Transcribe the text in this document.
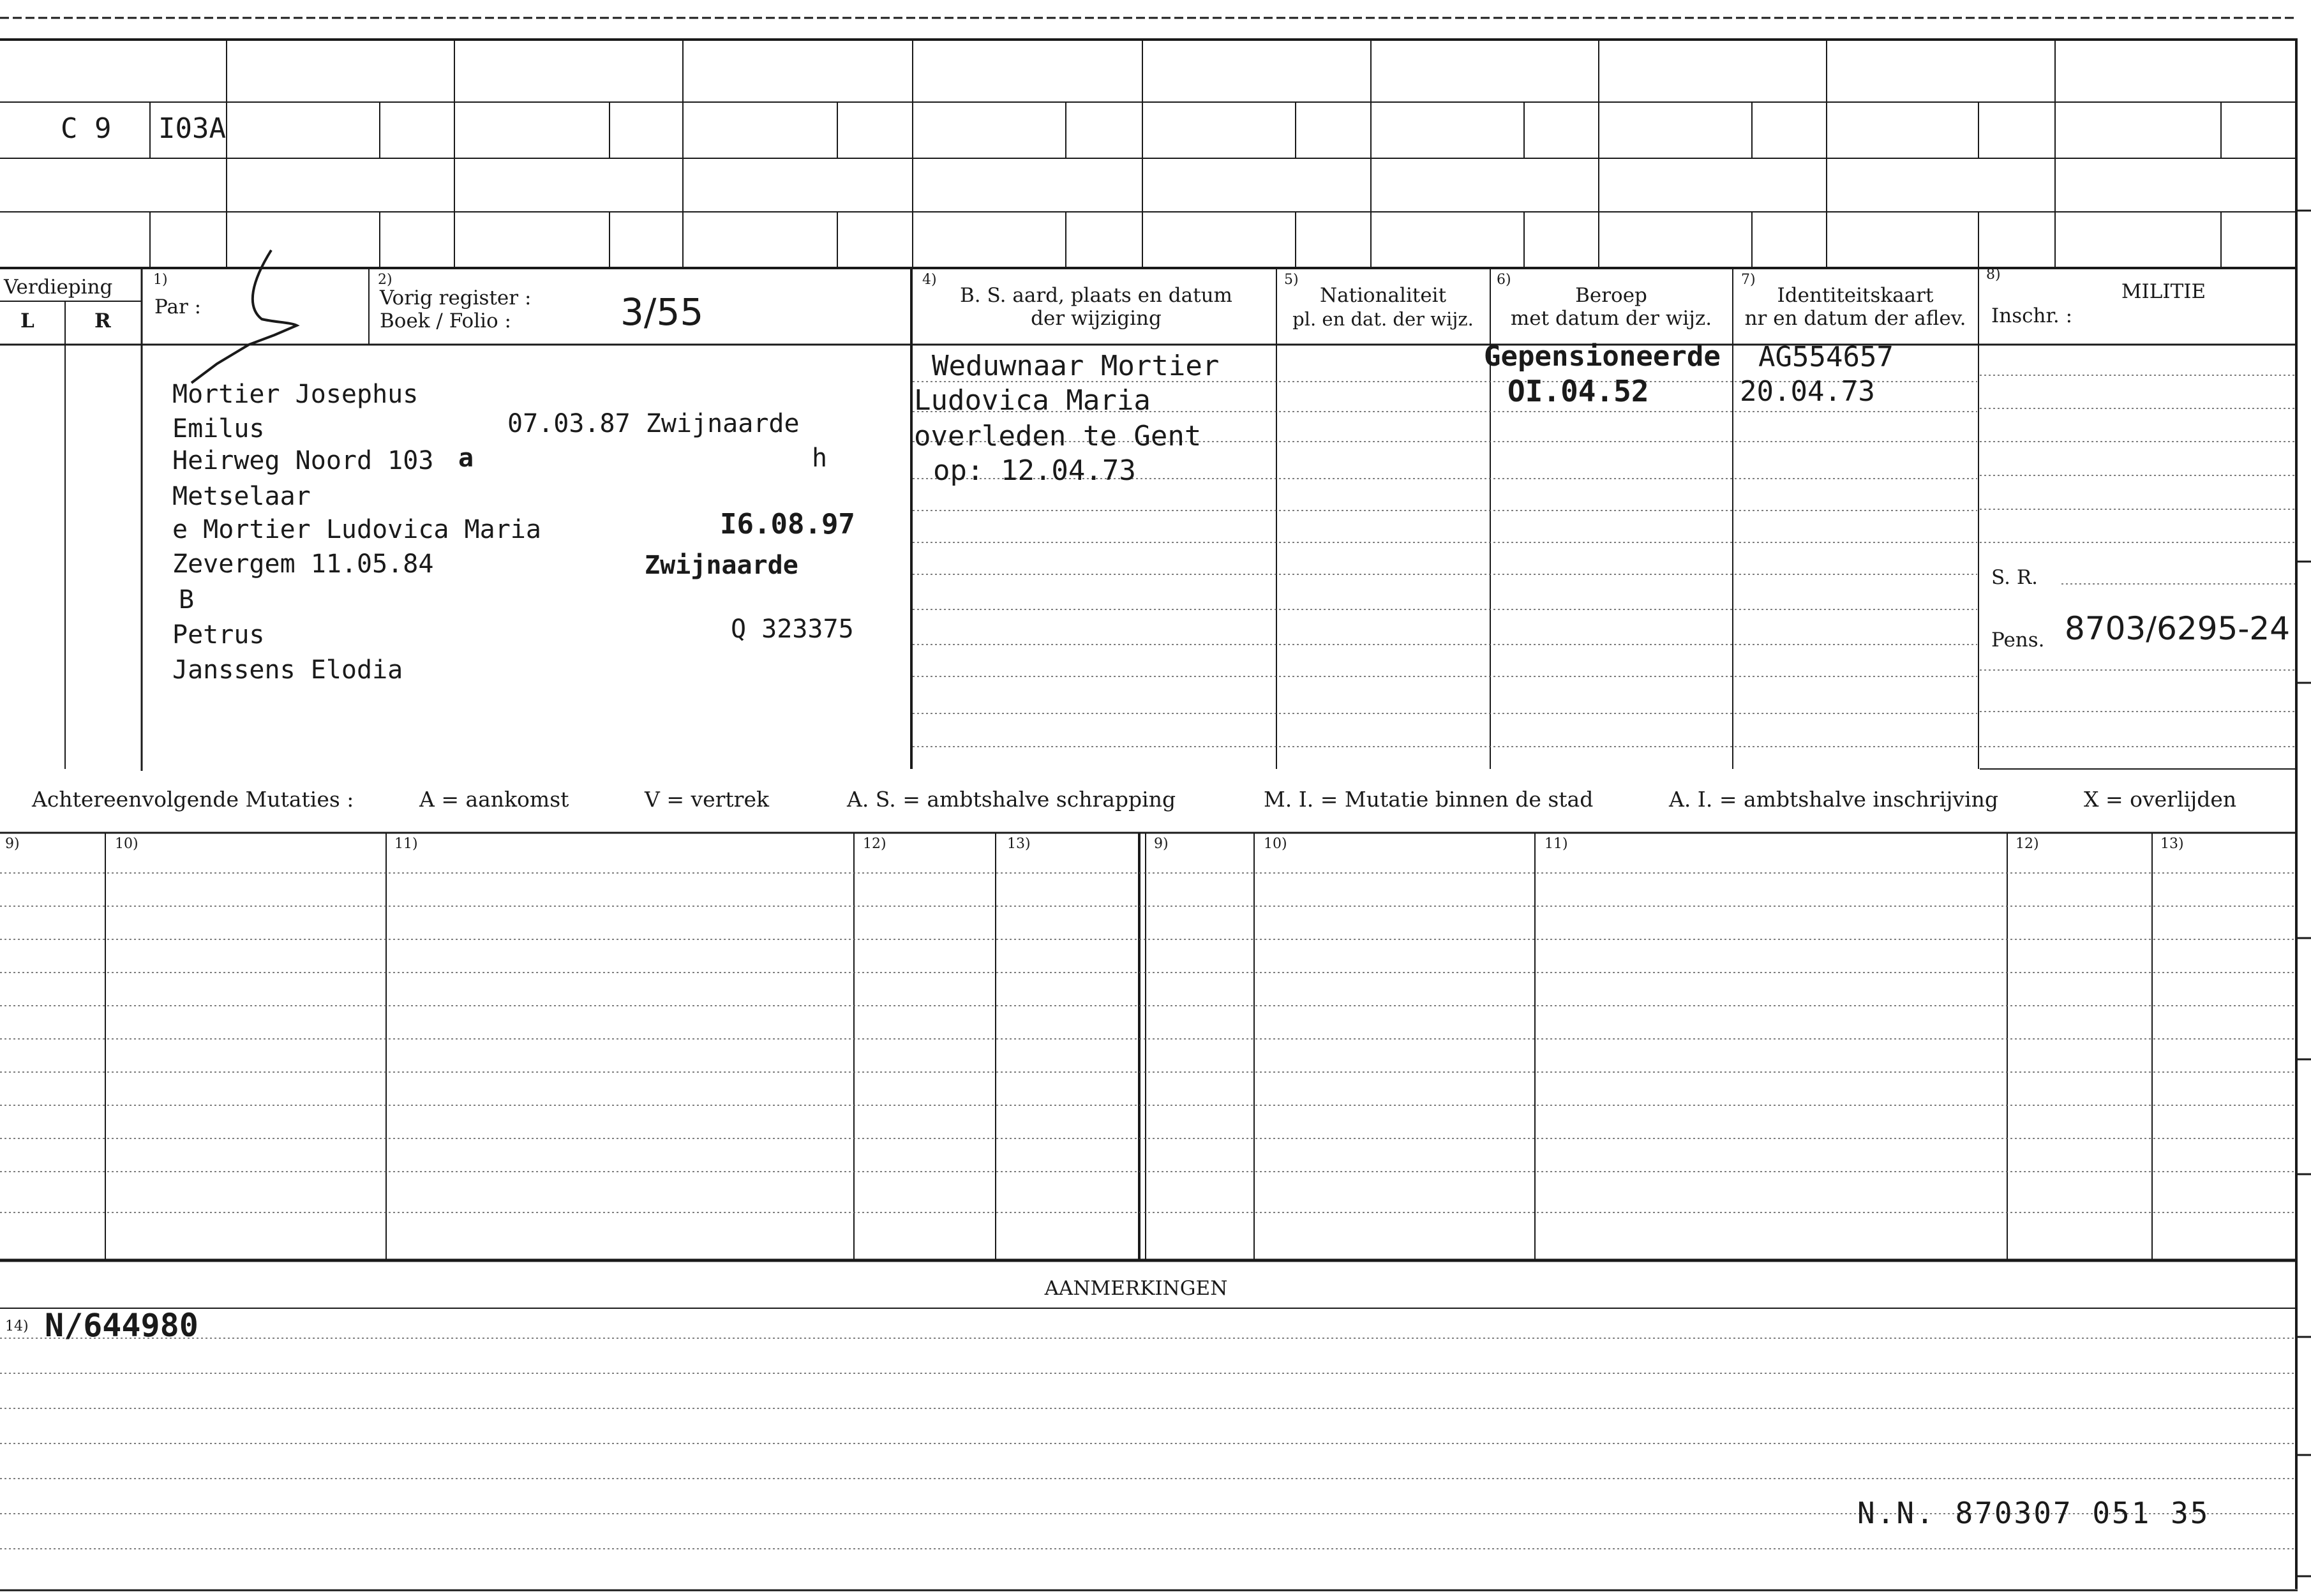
C 9 I03A
Verdieping
L	R
1)
Par :
2)
Vorig register :
Boek / Folio :	3/55
4)
B. S. aard, plaats en datum
der wijziging
5)
Nationaliteit
pl. en dat. der wijz.
6)
Beroep
met datum der wijz.
7)
Identiteitskaart
nr en datum der aflev.
8)
MILITIE
Inschr. :
S. R.
Pens. 8703/6295-24
Mortier Josephus
Emilus	07.03.87 Zwijnaarde
Heirweg Noord 103 a	h
Metselaar
e Mortier Ludovica Maria	I6.08.97
Zevergem 11.05.84	Zwijnaarde
B
Petrus	Q 323375
Janssens Elodia
Weduwnaar Mortier
Ludovica Maria
overleden te Gent
op: 12.04.73
Gepensioneerde
OI.04.52
AG554657
20.04.73
Achtereenvolgende Mutaties :	A = aankomst	V = vertrek	A. S. = ambtshalve schrapping	M. I. = Mutatie binnen de stad	A. I. = ambtshalve inschrijving	X = overlijden
9)	10)	11)	12)	13)	9)	10)	11)	12)	13)
AANMERKINGEN
14) N/644980
N.N. 870307 051 35
